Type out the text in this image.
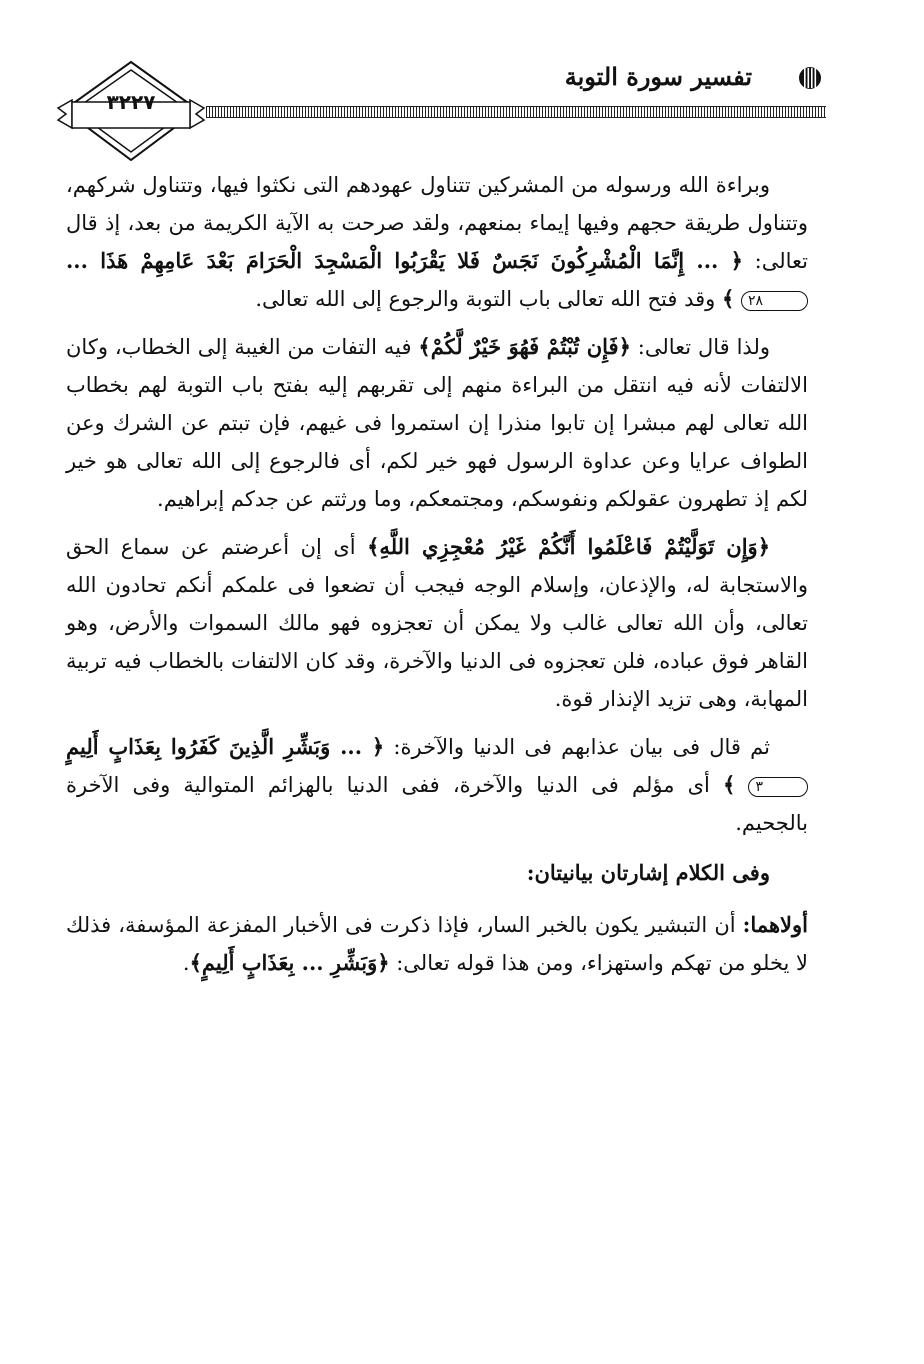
تفسير سورة التوبة
٣٢٢٧

وبراءة الله ورسوله من المشركين تتناول عهودهم التى نكثوا فيها، وتتناول شركهم، وتتناول طريقة حجهم وفيها إيماء بمنعهم، ولقد صرحت به الآية الكريمة من بعد، إذ قال تعالى: ﴿ ... إِنَّمَا الْمُشْرِكُونَ نَجَسٌ فَلا يَقْرَبُوا الْمَسْجِدَ الْحَرَامَ بَعْدَ عَامِهِمْ هَذَا ... ٢٨ ﴾ وقد فتح الله تعالى باب التوبة والرجوع إلى الله تعالى.

ولذا قال تعالى: ﴿فَإِن تُبْتُمْ فَهُوَ خَيْرٌ لَّكُمْ﴾ فيه التفات من الغيبة إلى الخطاب، وكان الالتفات لأنه فيه انتقل من البراءة منهم إلى تقربهم إليه بفتح باب التوبة لهم بخطاب الله تعالى لهم مبشرا إن تابوا منذرا إن استمروا فى غيهم، فإن تبتم عن الشرك وعن الطواف عرايا وعن عداوة الرسول فهو خير لكم، أى فالرجوع إلى الله تعالى هو خير لكم إذ تطهرون عقولكم ونفوسكم، ومجتمعكم، وما ورثتم عن جدكم إبراهيم.

﴿وَإِن تَوَلَّيْتُمْ فَاعْلَمُوا أَنَّكُمْ غَيْرُ مُعْجِزِي اللَّهِ﴾ أى إن أعرضتم عن سماع الحق والاستجابة له، والإذعان، وإسلام الوجه فيجب أن تضعوا فى علمكم أنكم تحادون الله تعالى، وأن الله تعالى غالب ولا يمكن أن تعجزوه فهو مالك السموات والأرض، وهو القاهر فوق عباده، فلن تعجزوه فى الدنيا والآخرة، وقد كان الالتفات بالخطاب فيه تربية المهابة، وهى تزيد الإنذار قوة.

ثم قال فى بيان عذابهم فى الدنيا والآخرة: ﴿ ... وَبَشِّرِ الَّذِينَ كَفَرُوا بِعَذَابٍ أَلِيمٍ ٣ ﴾ أى مؤلم فى الدنيا والآخرة، ففى الدنيا بالهزائم المتوالية وفى الآخرة بالجحيم.

وفى الكلام إشارتان بيانيتان:

أولاهما: أن التبشير يكون بالخبر السار، فإذا ذكرت فى الأخبار المفزعة المؤسفة، فذلك لا يخلو من تهكم واستهزاء، ومن هذا قوله تعالى: ﴿وَبَشِّرِ ... بِعَذَابٍ أَلِيمٍ﴾.
